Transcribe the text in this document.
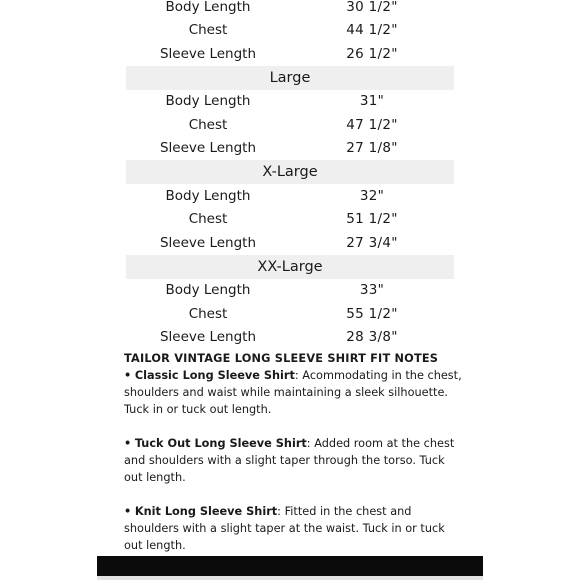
Body Length	30 1/2"
Chest	44 1/2"
Sleeve Length	26 1/2"
Large
Body Length	31"
Chest	47 1/2"
Sleeve Length	27 1/8"
X-Large
Body Length	32"
Chest	51 1/2"
Sleeve Length	27 3/4"
XX-Large
Body Length	33"
Chest	55 1/2"
Sleeve Length	28 3/8"
TAILOR VINTAGE LONG SLEEVE SHIRT FIT NOTES

• Classic Long Sleeve Shirt: Acommodating in the chest, shoulders and waist while maintaining a sleek silhouette. Tuck in or tuck out length.

• Tuck Out Long Sleeve Shirt: Added room at the chest and shoulders with a slight taper through the torso. Tuck out length.

• Knit Long Sleeve Shirt: Fitted in the chest and shoulders with a slight taper at the waist. Tuck in or tuck out length.
